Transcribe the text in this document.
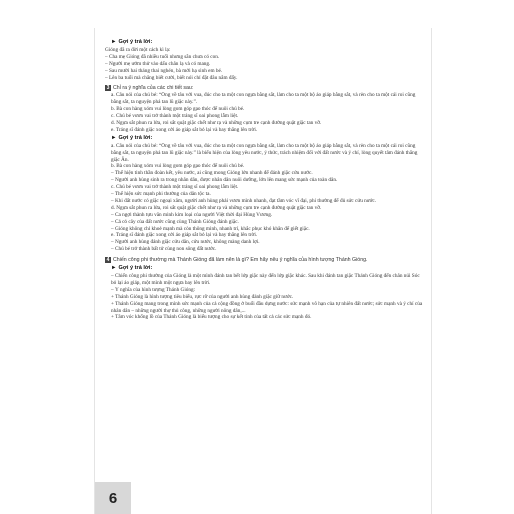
► Gợi ý trả lời:

Gióng đã ra đời một cách kì lạ:

– Cha mẹ Gióng đã nhiều tuổi nhưng sẵn chưa có con.

– Người mẹ ướm thử vào dấu chân lạ và có mang.

– Sau mười hai tháng thai nghén, bà mới hạ sinh em bé.

– Lên ba tuổi mà chẳng biết cười, biết nói chỉ đặt đâu nằm đấy.

3 Chỉ ra ý nghĩa của các chi tiết sau:

a. Câu nói của chú bé: “Ông về tâu với vua, đúc cho ta một con ngựa bằng sắt, làm cho ta một bộ áo giáp bằng sắt, và rèn cho ta một cái roi cũng bằng sắt, ta nguyện phá tan lũ giặc này.”.

b. Bà con hàng xóm vui lòng gom góp gạo thóc để nuôi chú bé.

c. Chú bé vươn vai trở thành một tráng sĩ oai phong lẫm liệt.

d. Ngựa sắt phun ra lửa, roi sắt quật giặc chết như rạ và những cụm tre cạnh đường quật giặc tan vỡ.

e. Tráng sĩ đánh giặc xong cởi áo giáp sắt bỏ lại và bay thẳng lên trời.

► Gợi ý trả lời:

a. Câu nói của chú bé: “Ông về tâu với vua, đúc cho ta một con ngựa bằng sắt, làm cho ta một bộ áo giáp bằng sắt, và rèn cho ta một cái roi cũng bằng sắt, ta nguyện phá tan lũ giặc này.” là biểu hiện của lòng yêu nước, ý thức, trách nhiệm đối với đất nước và ý chí, lòng quyết tâm đánh thắng giặc Ân.

b. Bà con hàng xóm vui lòng gom góp gạo thóc để nuôi chú bé.

– Thể hiện tinh thần đoàn kết, yêu nước, ai cũng mong Gióng lớn nhanh để đánh giặc cứu nước.

– Người anh hùng sinh ra trong nhân dân, được nhân dân nuôi dưỡng, lớn lên mang sức mạnh của toàn dân.

c. Chú bé vươn vai trở thành một tráng sĩ oai phong lẫm liệt.

– Thể hiện sức mạnh phi thường của dân tộc ta.

– Khi đất nước có giặc ngoại xâm, người anh hùng phải vươn mình nhanh, đạt tầm vóc vĩ đại, phi thường để đủ sức cứu nước.

d. Ngựa sắt phun ra lửa, roi sắt quật giặc chết như rạ và những cụm tre cạnh đường quật giặc tan vỡ.

– Ca ngợi thành tựu văn minh kim loại của người Việt thời đại Hùng Vương.

– Cả cỏ cây của đất nước cũng cùng Thánh Gióng đánh giặc.

– Gióng không chỉ khoẻ mạnh mà còn thông minh, nhanh trí, khắc phục khó khăn để giết giặc.

e. Tráng sĩ đánh giặc xong cởi áo giáp sắt bỏ lại và bay thẳng lên trời.

– Người anh hùng đánh giặc cứu dân, cứu nước, không màng danh lợi.

– Chú bé trở thành bất tử cùng non sông đất nước.

4 Chiến công phi thường mà Thánh Gióng đã làm nên là gì? Em hãy nêu ý nghĩa của hình tượng Thánh Gióng.
► Gợi ý trả lời:

– Chiến công phi thường của Gióng là một mình đánh tan bết lớp giặc này đến lớp giặc khác. Sau khi đánh tan giặc Thánh Gióng đến chân núi Sóc bỏ lại áo giáp, một mình một ngựa bay lên trời.

– Ý nghĩa của hình tượng Thánh Gióng:

+ Thánh Gióng là hình tượng tiêu biểu, rực rỡ của người anh hùng đánh giặc giữ nước.

+ Thánh Gióng mang trong mình sức mạnh của cả cộng đồng ở buổi đầu dựng nước: sức mạnh vô hạn của tự nhiên đất nước; sức mạnh và ý chí của nhân dân – những người thợ thủ công, những người nông dân,...

+ Tâm vóc khổng lồ của Thánh Gióng là biểu tượng cho sự kết tinh của tất cả các sức mạnh đó.

6
